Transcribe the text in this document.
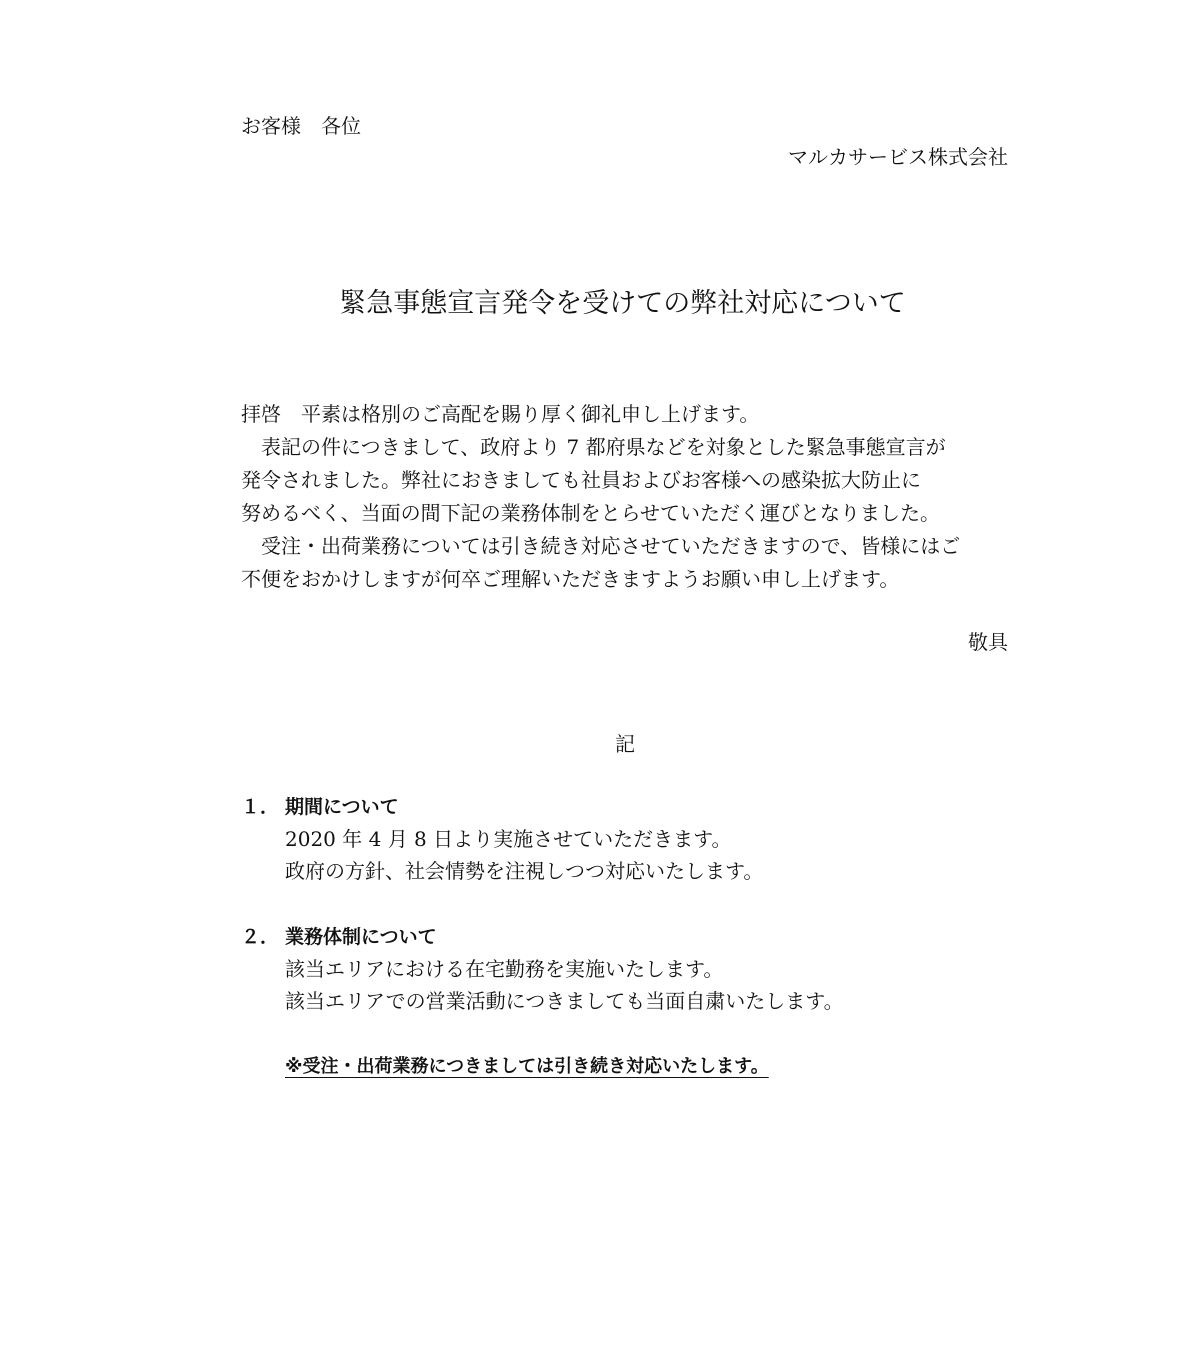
お客様　各位
マルカサービス株式会社
緊急事態宣言発令を受けての弊社対応について
拝啓　平素は格別のご高配を賜り厚く御礼申し上げます。
　表記の件につきまして、政府より 7 都府県などを対象とした緊急事態宣言が
発令されました。弊社におきましても社員およびお客様への感染拡大防止に
努めるべく、当面の間下記の業務体制をとらせていただく運びとなりました。
　受注・出荷業務については引き続き対応させていただきますので、皆様にはご
不便をおかけしますが何卒ご理解いただきますようお願い申し上げます。
敬具
記
１． 期間について
2020 年 4 月 8 日より実施させていただきます。
政府の方針、社会情勢を注視しつつ対応いたします。
２． 業務体制について
該当エリアにおける在宅勤務を実施いたします。
該当エリアでの営業活動につきましても当面自粛いたします。
※受注・出荷業務につきましては引き続き対応いたします。
